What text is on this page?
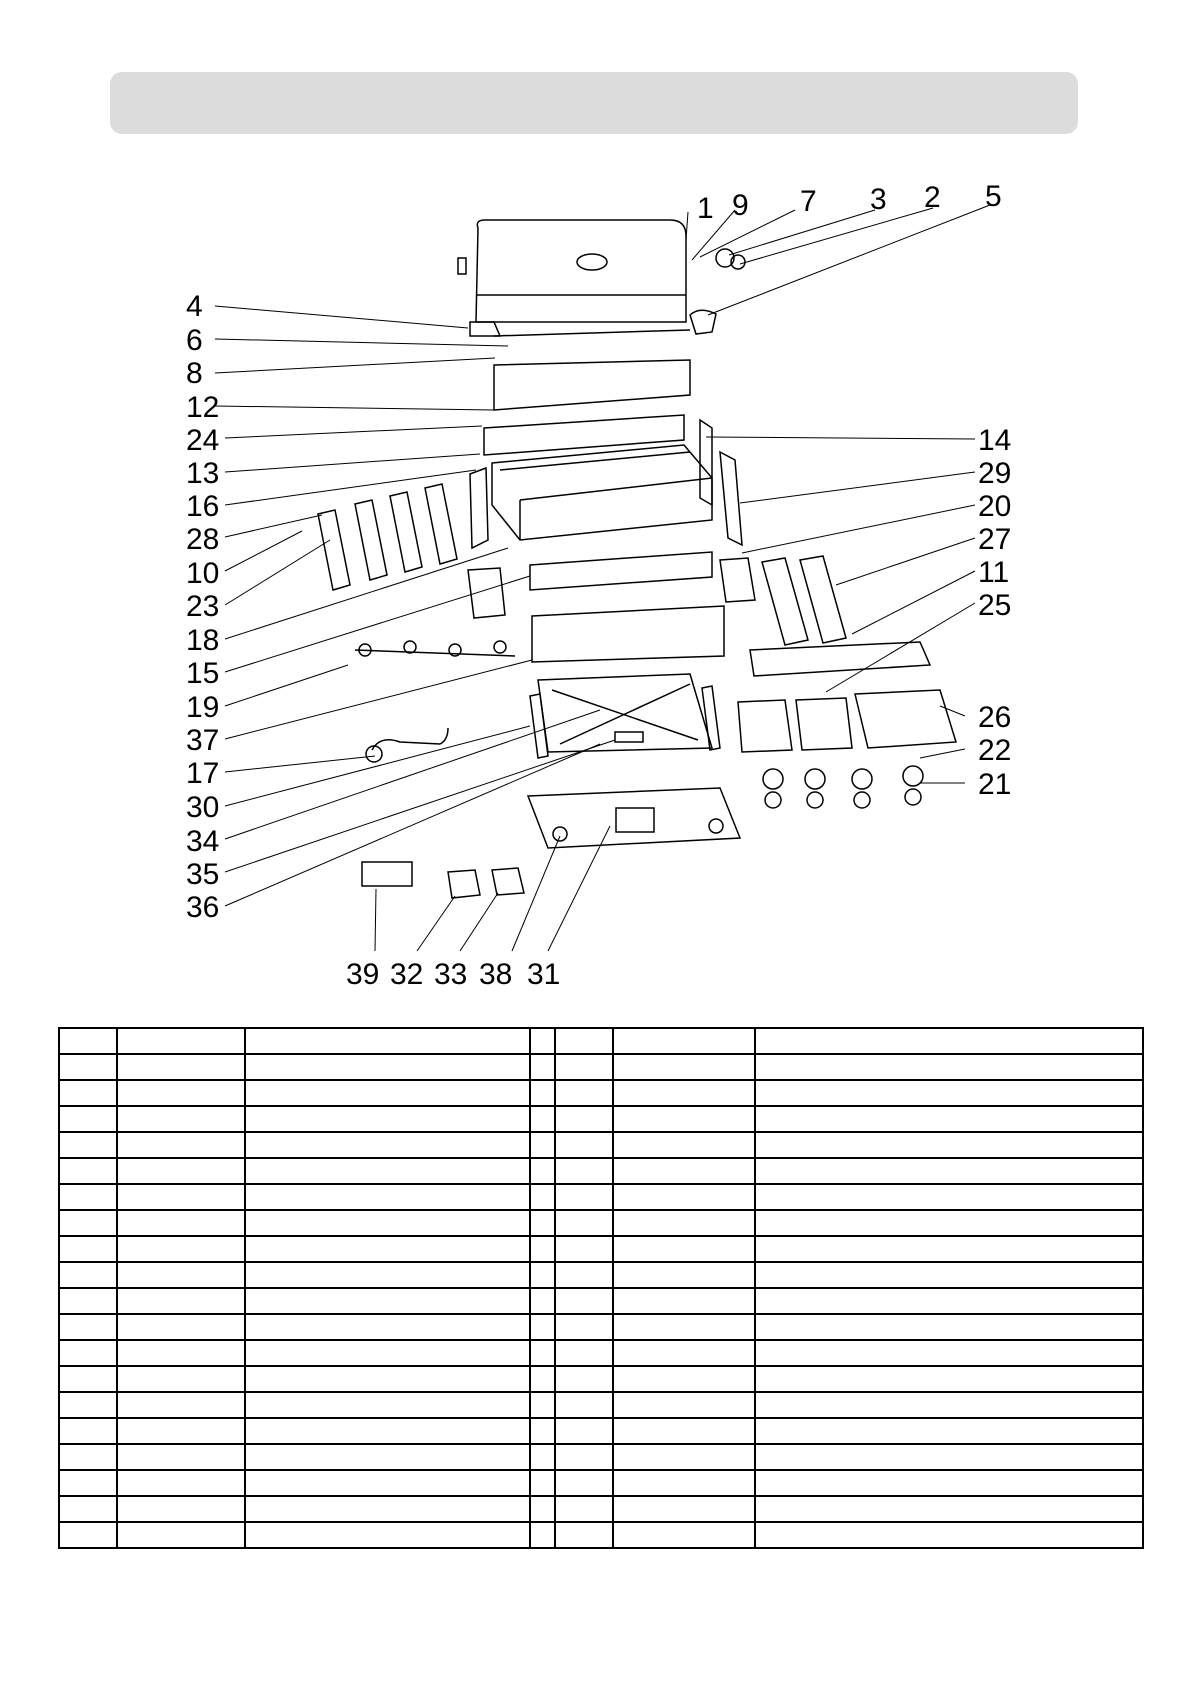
1 9 7 3 2 5
4
6
8
12
24
13
16
28
10
23
18
15
19
37
17
30
34
35
36
14
29
20
27
11
25
26
22
21
39 32 33 38 31
